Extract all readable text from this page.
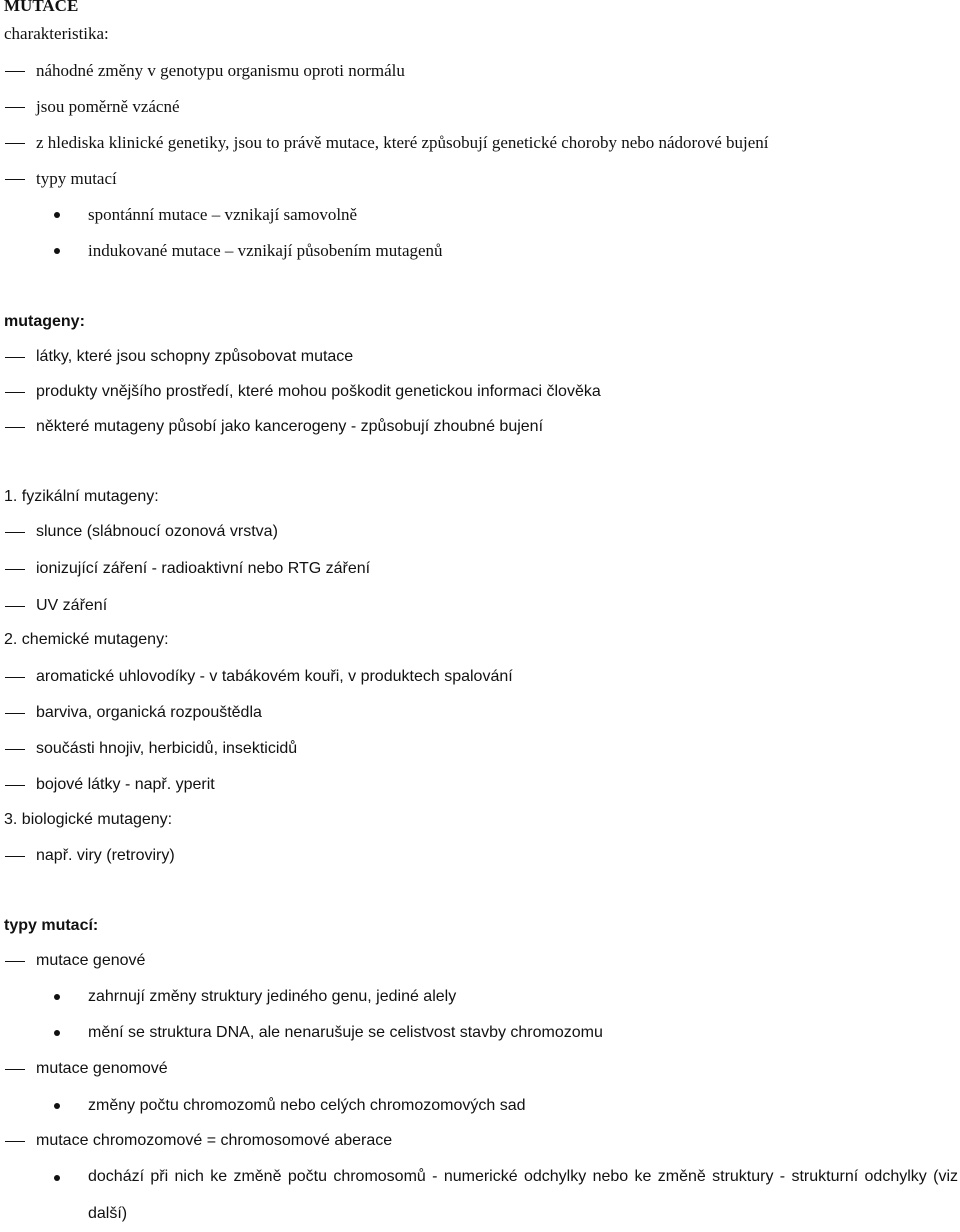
MUTACE
charakteristika:
náhodné změny v genotypu organismu oproti normálu
jsou poměrně vzácné
z hlediska klinické genetiky, jsou to právě mutace, které způsobují genetické choroby nebo nádorové bujení
typy mutací
spontánní mutace – vznikají samovolně
indukované mutace – vznikají působením mutagenů
mutageny:
látky, které jsou schopny způsobovat mutace
produkty vnějšího prostředí, které mohou poškodit genetickou informaci člověka
některé mutageny působí jako kancerogeny - způsobují zhoubné bujení
1. fyzikální mutageny:
slunce (slábnoucí ozonová vrstva)
ionizující záření - radioaktivní nebo RTG záření
UV záření
2. chemické mutageny:
aromatické uhlovodíky - v tabákovém kouři, v produktech spalování
barviva, organická rozpouštědla
součásti hnojiv, herbicidů, insekticidů
bojové látky - např. yperit
3. biologické mutageny:
např. viry (retroviry)
typy mutací:
mutace genové
zahrnují změny struktury jediného genu, jediné alely
mění se struktura DNA, ale nenarušuje se celistvost stavby chromozomu
mutace genomové
změny počtu chromozomů nebo celých chromozomových sad
mutace chromozomové = chromosomové aberace
dochází při nich ke změně počtu chromosomů - numerické odchylky nebo ke změně struktury - strukturní odchylky (viz další)
